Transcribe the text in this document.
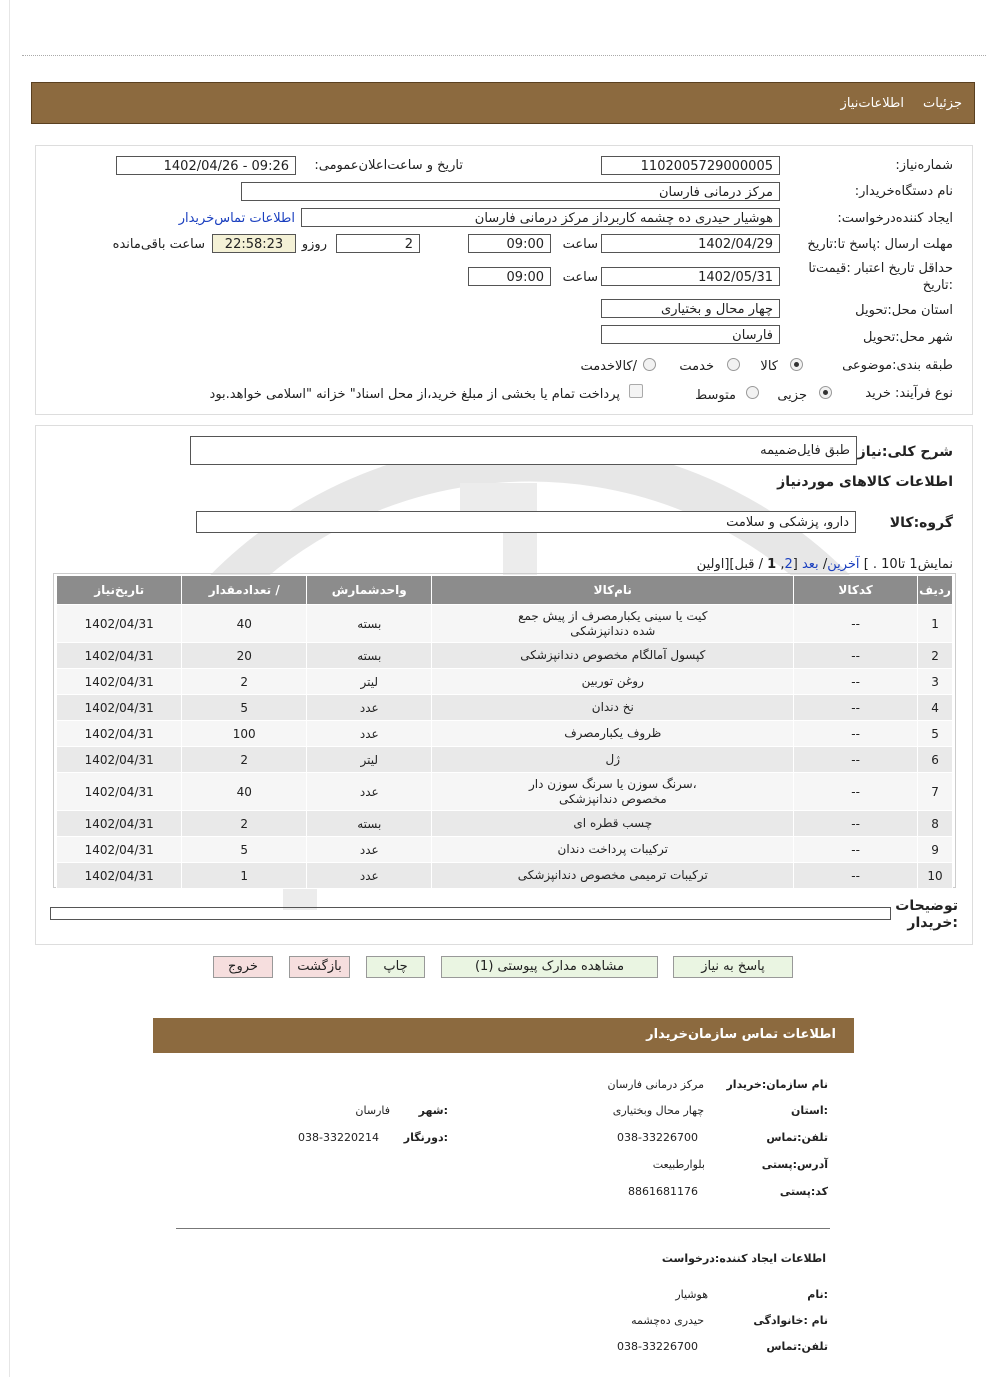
جزئیات
اطلاعات‌نیاز
شماره‌نیاز:
1102005729000005
تاریخ و ساعت‌اعلان‌عمومی:
1402/04/26 - 09:26
نام دستگاه‌خریدار:
مرکز درمانی فارسان
ایجاد کننده‌درخواست:
هوشیار حیدری ده چشمه کاربرداز مرکز درمانی فارسان
اطلاعات تماس‌خریدار
مهلت ارسال :پاسخ تا:تاریخ
1402/04/29
ساعت
09:00
2
روزو
22:58:23
ساعت باقی‌مانده
حداقل تاریخ اعتبار :قیمت‌تا
:تاریخ
1402/05/31
ساعت
09:00
استان محل:تحویل
چهار محال و بختیاری
شهر محل:تحویل
فارسان
طبقه بندی:موضوعی
کالا
خدمت
/کالاخدمت
نوع فرآیند: خرید
جزیی
متوسط
پرداخت تمام یا بخشی از مبلغ خرید،از محل اسناد" خزانه "اسلامی خواهد.بود
شرح کلی:نیاز
طبق فایل‌ضمیمه
اطلاعات کالاهای موردنیاز
گروه:کالا
دارو، پزشکی و سلامت
نمایش1 تا10 . ] آخرین/ بعد [2, 1 / قبل][اولین
ردیف	کدکالا	نام‌کالا	واحدشمارش	/ تعدادمقدار	تاریخ‌نیاز
1	--	کیت یا سینی یکبارمصرف از پیش جمع شده دندانپزشکی	بسته	40	1402/04/31
2	--	کپسول آمالگام مخصوص دندانپزشکی	بسته	20	1402/04/31
3	--	روغن توربین	لیتر	2	1402/04/31
4	--	نخ دندان	عدد	5	1402/04/31
5	--	ظروف یکبارمصرف	عدد	100	1402/04/31
6	--	ژل	لیتر	2	1402/04/31
7	--	،سرنگ سوزن یا سرنگ سوزن دار مخصوص دندانپزشکی	عدد	40	1402/04/31
8	--	چسب قطره ای	بسته	2	1402/04/31
9	--	ترکیبات پرداخت دندان	عدد	5	1402/04/31
10	--	ترکیبات ترمیمی مخصوص دندانپزشکی	عدد	1	1402/04/31
توضیحات
:خریدار
پاسخ به نیاز
مشاهده مدارک پیوستی (1)
چاپ
بازگشت
خروج
اطلاعات تماس سازمان‌خریدار
نام سازمان:خریدار
مرکز درمانی فارسان
:استان
چهار محال وبختیاری
:شهر
فارسان
تلفن:تماس
038-33226700
:دورنگار
038-33220214
آدرس:پستی
بلوارطبیعت
کد:پستی
8861681176
اطلاعات ایجاد کننده:درخواست
:نام
هوشیار
نام :خانوادگی
حیدری ده‌چشمه
تلفن:تماس
038-33226700
